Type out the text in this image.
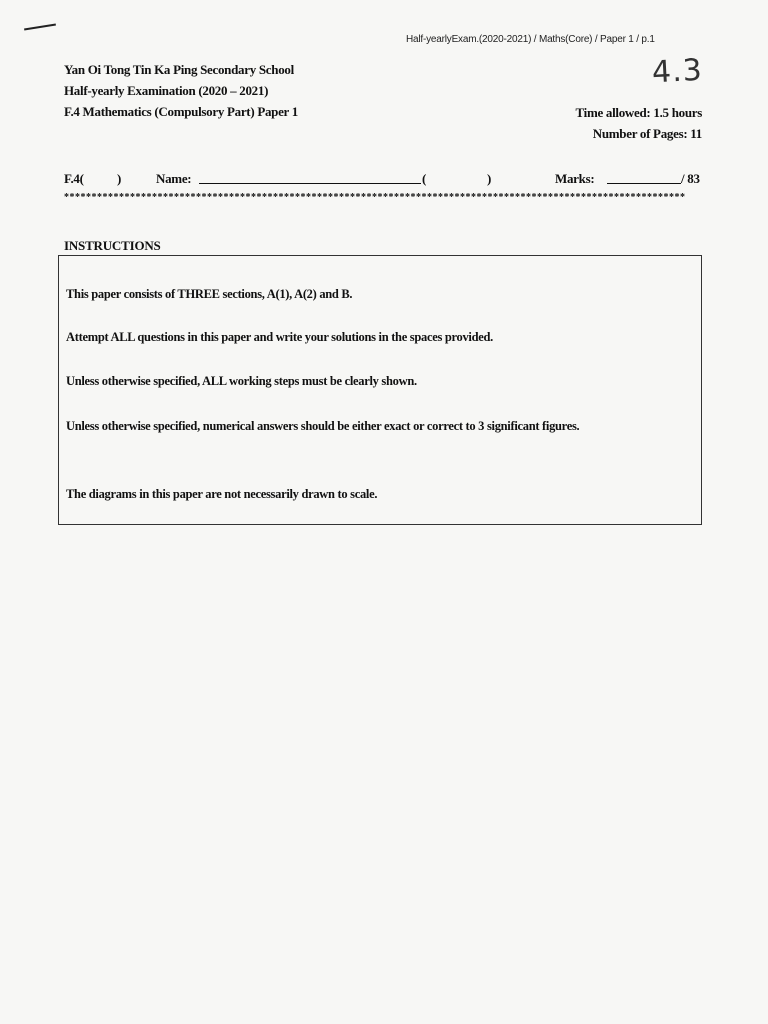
Half-yearlyExam.(2020-2021) / Maths(Core) / Paper 1 / p.1
Yan Oi Tong Tin Ka Ping Secondary School
Half-yearly Examination (2020 – 2021)
F.4 Mathematics (Compulsory Part) Paper 1
4.3
Time allowed: 1.5 hours
Number of Pages: 11
F.4(	)	Name:	(	)	Marks:	/ 83
*****************************************************************************************************************
INSTRUCTIONS
This paper consists of THREE sections, A(1), A(2) and B.
Attempt ALL questions in this paper and write your solutions in the spaces provided.
Unless otherwise specified, ALL working steps must be clearly shown.
Unless otherwise specified, numerical answers should be either exact or correct to 3 significant figures.
The diagrams in this paper are not necessarily drawn to scale.
